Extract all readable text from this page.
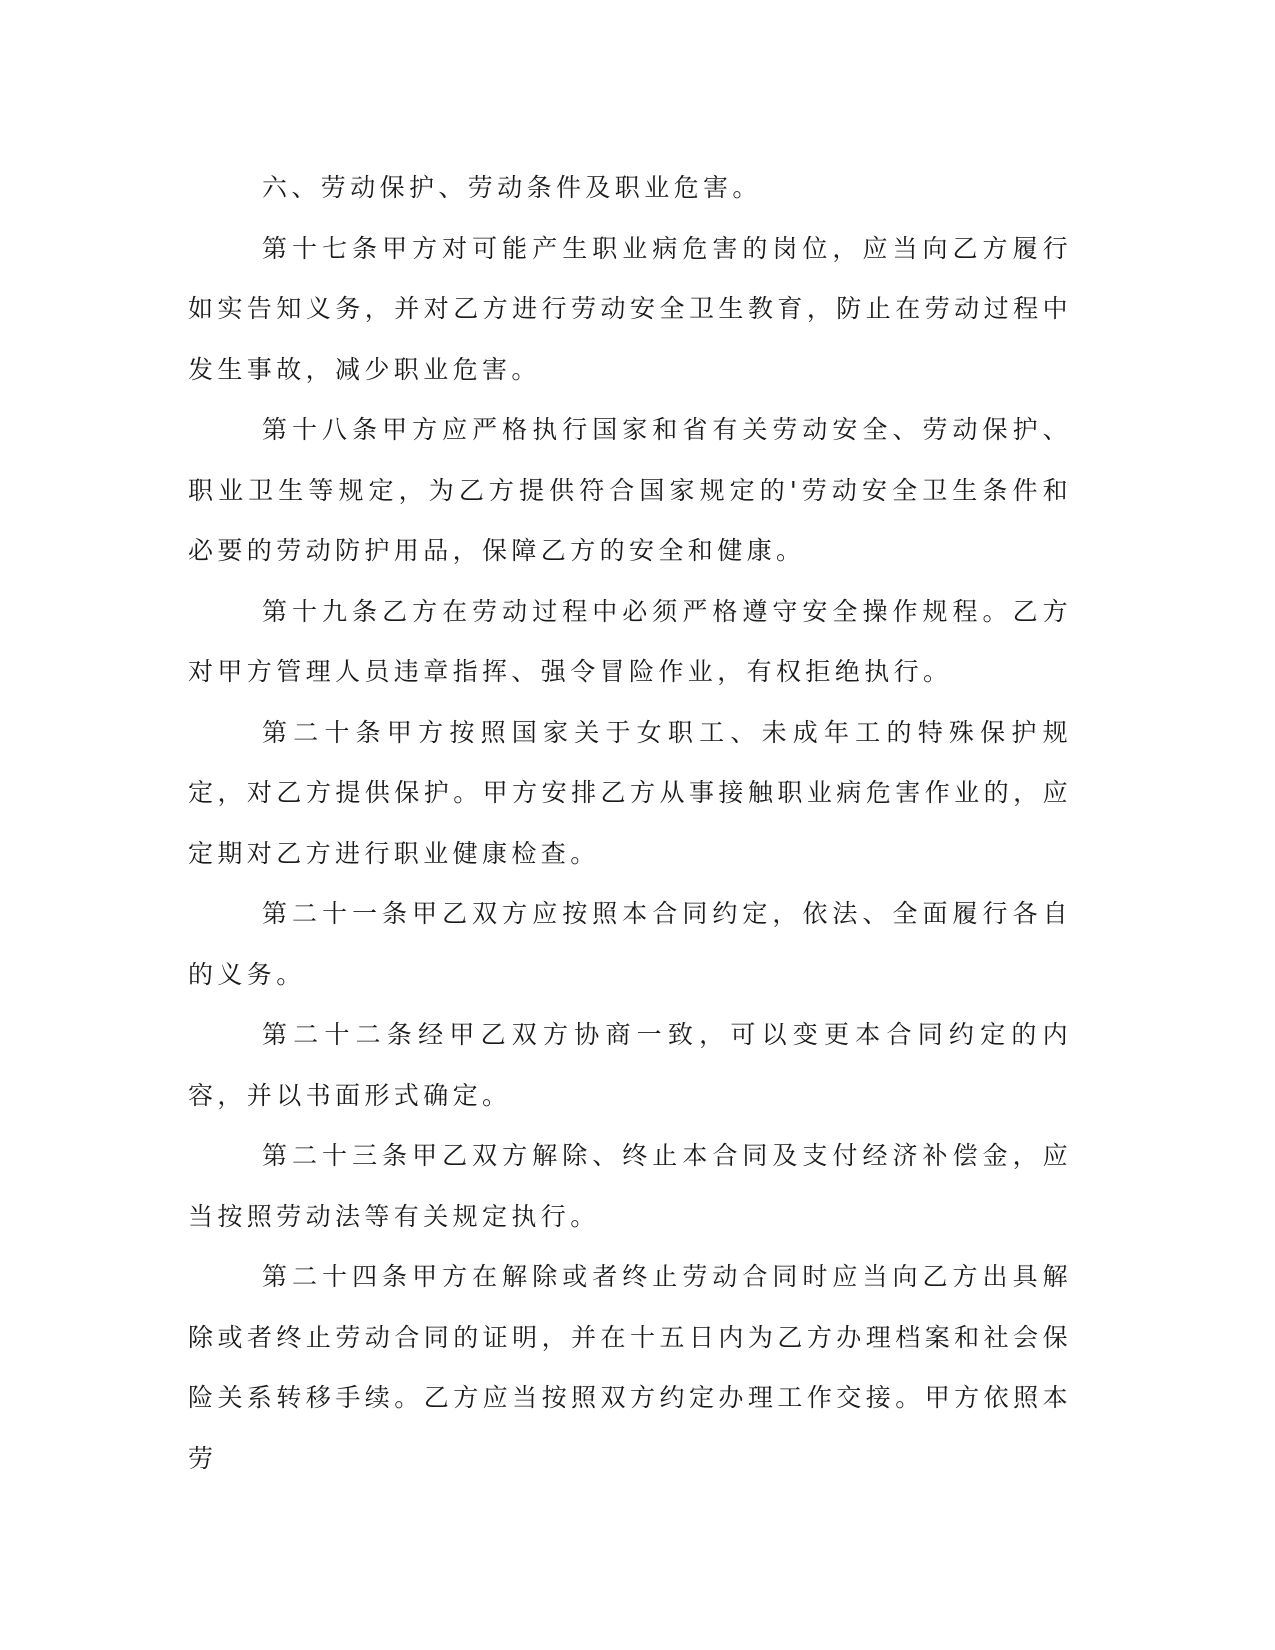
六、劳动保护、劳动条件及职业危害。

第十七条甲方对可能产生职业病危害的岗位，应当向乙方履行如实告知义务，并对乙方进行劳动安全卫生教育，防止在劳动过程中发生事故，减少职业危害。

第十八条甲方应严格执行国家和省有关劳动安全、劳动保护、职业卫生等规定，为乙方提供符合国家规定的'劳动安全卫生条件和必要的劳动防护用品，保障乙方的安全和健康。

第十九条乙方在劳动过程中必须严格遵守安全操作规程。乙方对甲方管理人员违章指挥、强令冒险作业，有权拒绝执行。

第二十条甲方按照国家关于女职工、未成年工的特殊保护规定，对乙方提供保护。甲方安排乙方从事接触职业病危害作业的，应定期对乙方进行职业健康检查。

第二十一条甲乙双方应按照本合同约定，依法、全面履行各自的义务。

第二十二条经甲乙双方协商一致，可以变更本合同约定的内容，并以书面形式确定。

第二十三条甲乙双方解除、终止本合同及支付经济补偿金，应当按照劳动法等有关规定执行。

第二十四条甲方在解除或者终止劳动合同时应当向乙方出具解除或者终止劳动合同的证明，并在十五日内为乙方办理档案和社会保险关系转移手续。乙方应当按照双方约定办理工作交接。甲方依照本劳
